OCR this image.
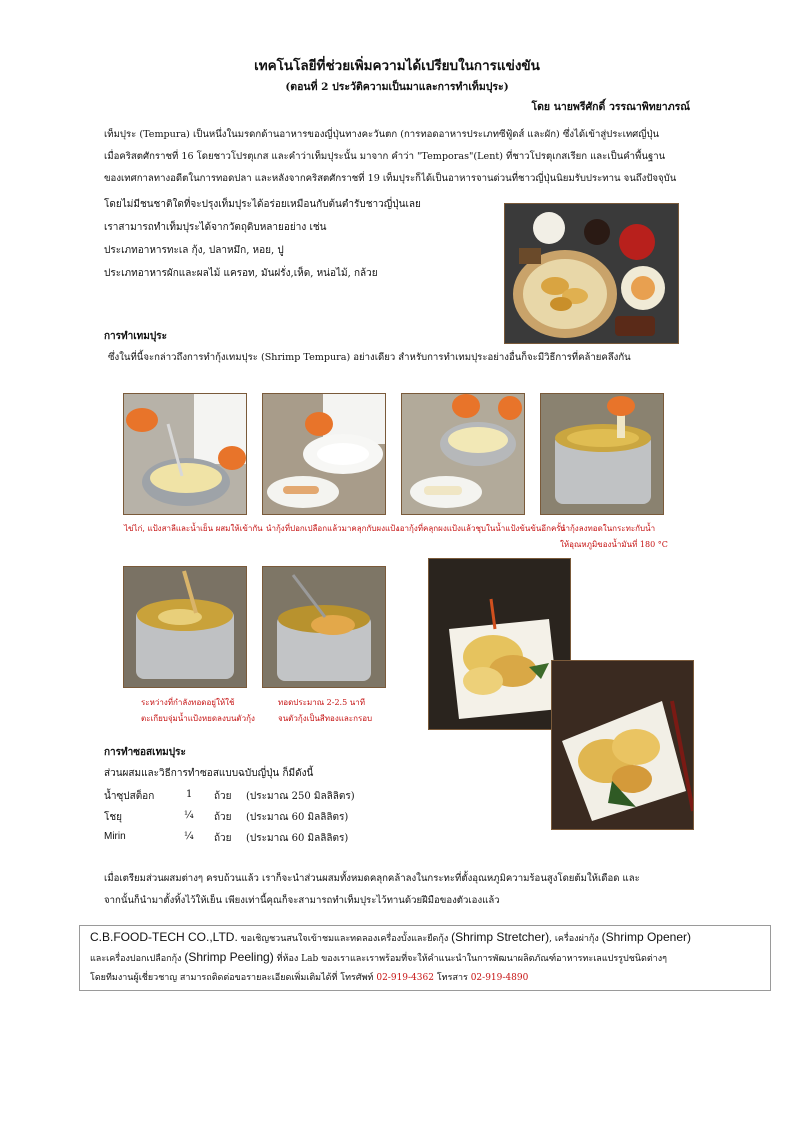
เทคโนโลยีที่ช่วยเพิ่มความได้เปรียบในการแข่งขัน
(ตอนที่ 2 ประวัติความเป็นมาและการทำเท็มปุระ)
โดย นายพรีศักดิ์ วรรณาพิทยาภรณ์
เท็มปุระ (Tempura) เป็นหนึ่งในมรดกด้านอาหารของญี่ปุ่นทางคะวันตก (การทอดอาหารประเภทซีฟู้ดส์ และผัก) ซึ่งได้เข้าสู่ประเทศญี่ปุ่น
เมื่อคริสตศักราชที่ 16 โดยชาวโปรตุเกส และคำว่าเท็มปุระนั้น มาจาก คำว่า "Temporas"(Lent) ที่ชาวโปรตุเกสเรียก และเป็นคำพื้นฐาน
ของเทศกาลทางอดีตในการทอดปลา และหลังจากคริสตศักราชที่ 19 เท็มปุระก็ได้เป็นอาหารจานด่วนที่ชาวญี่ปุ่นนิยมรับประทาน จนถึงปัจจุบัน
โดยไม่มีชนชาติใดที่จะปรุงเท็มปุระได้อร่อยเหมือนกับต้นตำรับชาวญี่ปุ่นเลย
เราสามารถทำเท็มปุระได้จากวัตถุดิบหลายอย่าง เช่น
ประเภทอาหารทะเล กุ้ง, ปลาหมึก, หอย, ปู
ประเภทอาหารผักและผลไม้ แครอท, มันฝรั่ง,เห็ด, หน่อไม้, กล้วย
การทำเทมปุระ
ซึ่งในที่นี้จะกล่าวถึงการทำกุ้งเทมปุระ (Shrimp Tempura) อย่างเดียว สำหรับการทำเทมปุระอย่างอื่นก็จะมีวิธีการที่คล้ายคลึงกัน
ไข่ไก่, แป้งสาลีและน้ำเย็น ผสมให้เข้ากัน นำกุ้งที่ปอกเปลือกแล้วมาคลุกกับผงแป้ง
เอากุ้งที่คลุกผงแป้งแล้วชุบในน้ำแป้งข้นข้นอีกครั้ง
นำกุ้งลงทอดในกระทะกับน้ำ
ให้อุณหภูมิของน้ำมันที่ 180 °C
ระหว่างที่กำลังทอดอยู่ให้ใช้
ตะเกียบจุ่มน้ำแป้งหยดลงบนตัวกุ้ง
ทอดประมาณ 2-2.5 นาที
จนตัวกุ้งเป็นสีทองและกรอบ
การทำซอสเทมปุระ
ส่วนผสมและวิธีการทำซอสแบบฉบับญี่ปุ่น ก็มีดังนี้
น้ำซุปสต็อก	1 ถ้วย (ประมาณ 250 มิลลิลิตร)
โชยุ	¼ ถ้วย (ประมาณ 60 มิลลิลิตร)
Mirin	¼ ถ้วย (ประมาณ 60 มิลลิลิตร)
เมื่อเตรียมส่วนผสมต่างๆ ครบถ้วนแล้ว เราก็จะนำส่วนผสมทั้งหมดคลุกคล้าลงในกระทะที่ตั้งอุณหภูมิความร้อนสูงโดยต้มให้เดือด และ
จากนั้นก็นำมาตั้งทิ้งไว้ให้เย็น เพียงเท่านี้คุณก็จะสามารถทำเท็มปุระไว้ทานด้วยฝีมือของตัวเองแล้ว
C.B.FOOD-TECH CO.,LTD. ขอเชิญชวนสนใจเข้าชมและทดลองเครื่องบั้งและยืดกุ้ง (Shrimp Stretcher), เครื่องผ่ากุ้ง (Shrimp Opener)
และเครื่องปอกเปลือกกุ้ง (Shrimp Peeling) ที่ห้อง Lab ของเราและเราพร้อมที่จะให้คำแนะนำในการพัฒนาผลิตภัณฑ์อาหารทะเลแปรรูปชนิดต่างๆ
โดยทีมงานผู้เชี่ยวชาญ สามารถติดต่อขอรายละเอียดเพิ่มเติมได้ที่ โทรศัพท์ 02-919-4362 โทรสาร 02-919-4890
